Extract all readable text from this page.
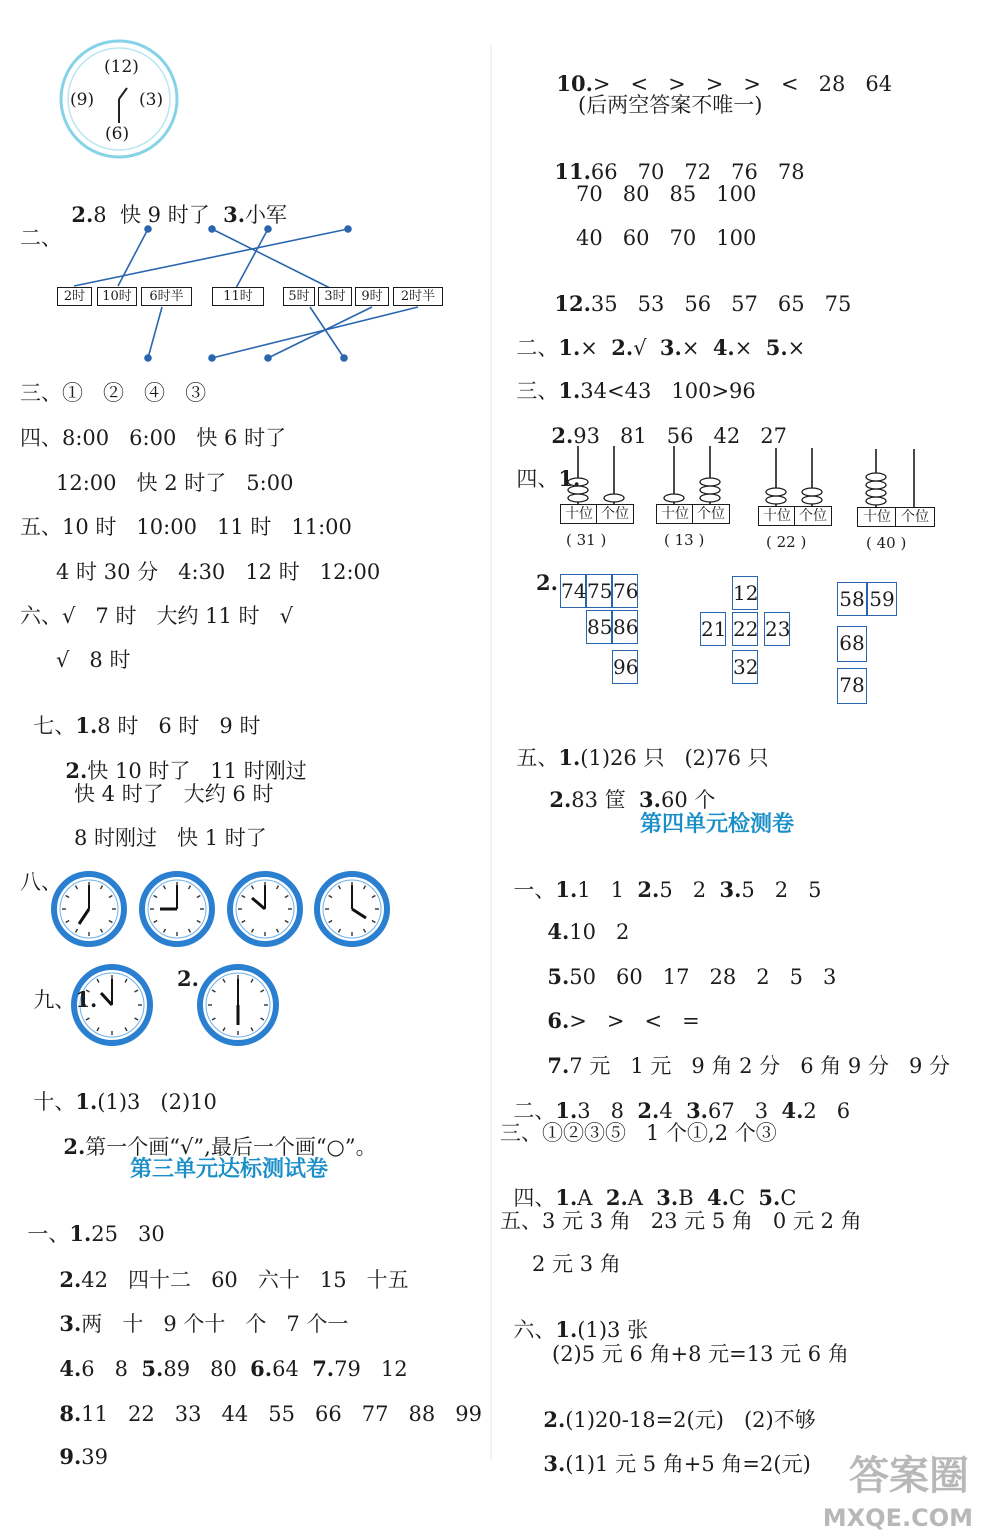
(12)
(9)	(3)
(6)

2.8  快 9 时了  3.小军

二、
2时	10时	6时半	11时	5时	3时	9时	2时半
三、①   ②   ④   ③
四、8:00   6:00   快 6 时了
12:00   快 2 时了   5:00
五、10 时   10:00   11 时   11:00
4 时 30 分   4:30   12 时   12:00
六、√   7 时   大约 11 时   √
√   8 时

七、1.8 时   6 时   9 时

2.快 10 时了   11 时刚过

快 4 时了   大约 6 时
8 时刚过   快 1 时了
八、

九、1.

2.

十、1.(1)3   (2)10

2.第一个画“√”,最后一个画“○”。

第三单元达标测试卷

一、1.25   30

2.42   四十二   60   六十   15   十五

3.两   十   9 个十   个   7 个一

4.6   8  5.89   80  6.64  7.79   12

8.11   22   33   44   55   66   77   88   99

9.39

10.>   <   >   >   >   <   28   64

(后两空答案不唯一)

11.66   70   72   76   78

70   80   85   100
40   60   70   100

12.35   53   56   57   65   75

二、1.×  2.√  3.×  4.×  5.×

三、1.34<43   100>96

2.93   81   56   42   27

四、1.

十位 个位
( 31 )
十位 个位
( 13 )
十位 个位
( 22 )
十位 个位
( 40 )
2. 74 75 76
85 86
96
12
21 22 23
32
58 59
68
78

五、1.(1)26 只   (2)76 只

2.83 筐  3.60 个

第四单元检测卷

一、1.1   1  2.5   2  3.5   2   5

4.10   2

5.50   60   17   28   2   5   3

6.>   >   <   =

7.7 元   1 元   9 角 2 分   6 角 9 分   9 分

二、1.3   8  2.4  3.67   3  4.2   6

三、①②③⑤   1 个①,2 个③

四、1.A  2.A  3.B  4.C  5.C

五、3 元 3 角   23 元 5 角   0 元 2 角
2 元 3 角

六、1.(1)3 张

(2)5 元 6 角+8 元=13 元 6 角

2.(1)20-18=2(元)   (2)不够

3.(1)1 元 5 角+5 角=2(元) 答案圈
MXQE.COM
